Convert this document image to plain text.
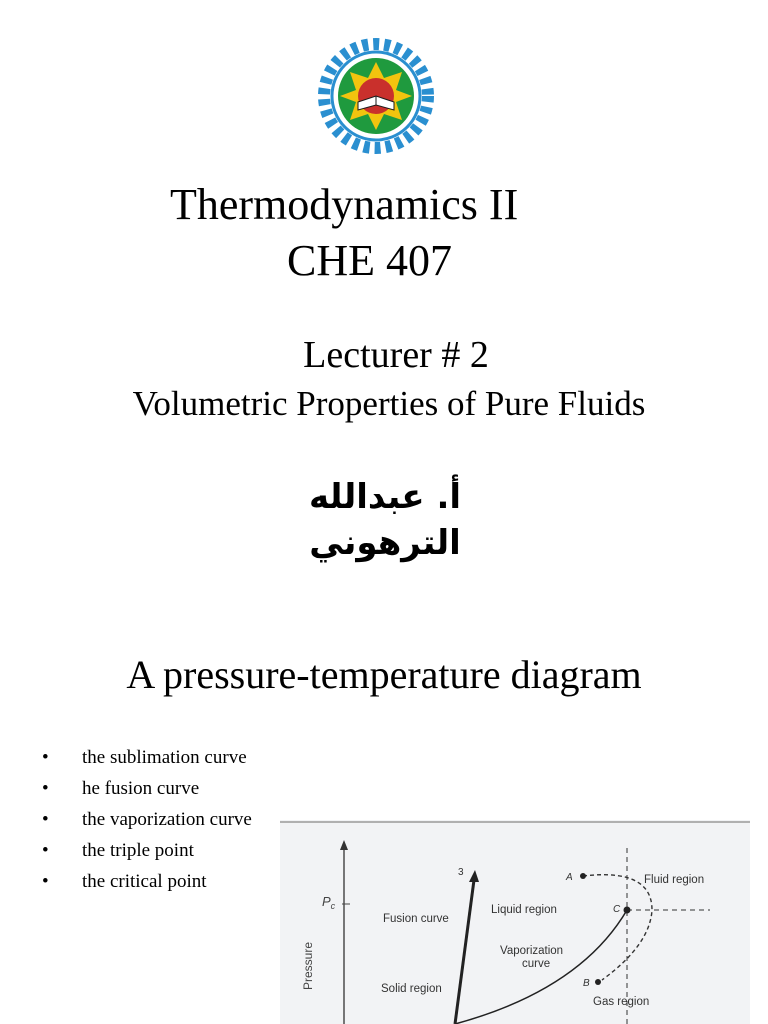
Thermodynamics II
CHE 407
Lecturer # 2
Volumetric Properties of Pure Fluids
أ. عبدالله الترهوني
A pressure-temperature diagram
• the sublimation curve
• he fusion curve
• the vaporization curve
• the triple point
• the critical point
Pressure
$P_c$
3	A
C
B
Fusion curve
Liquid region
Vaporization
curve
Solid region
Gas region
Fluid region
